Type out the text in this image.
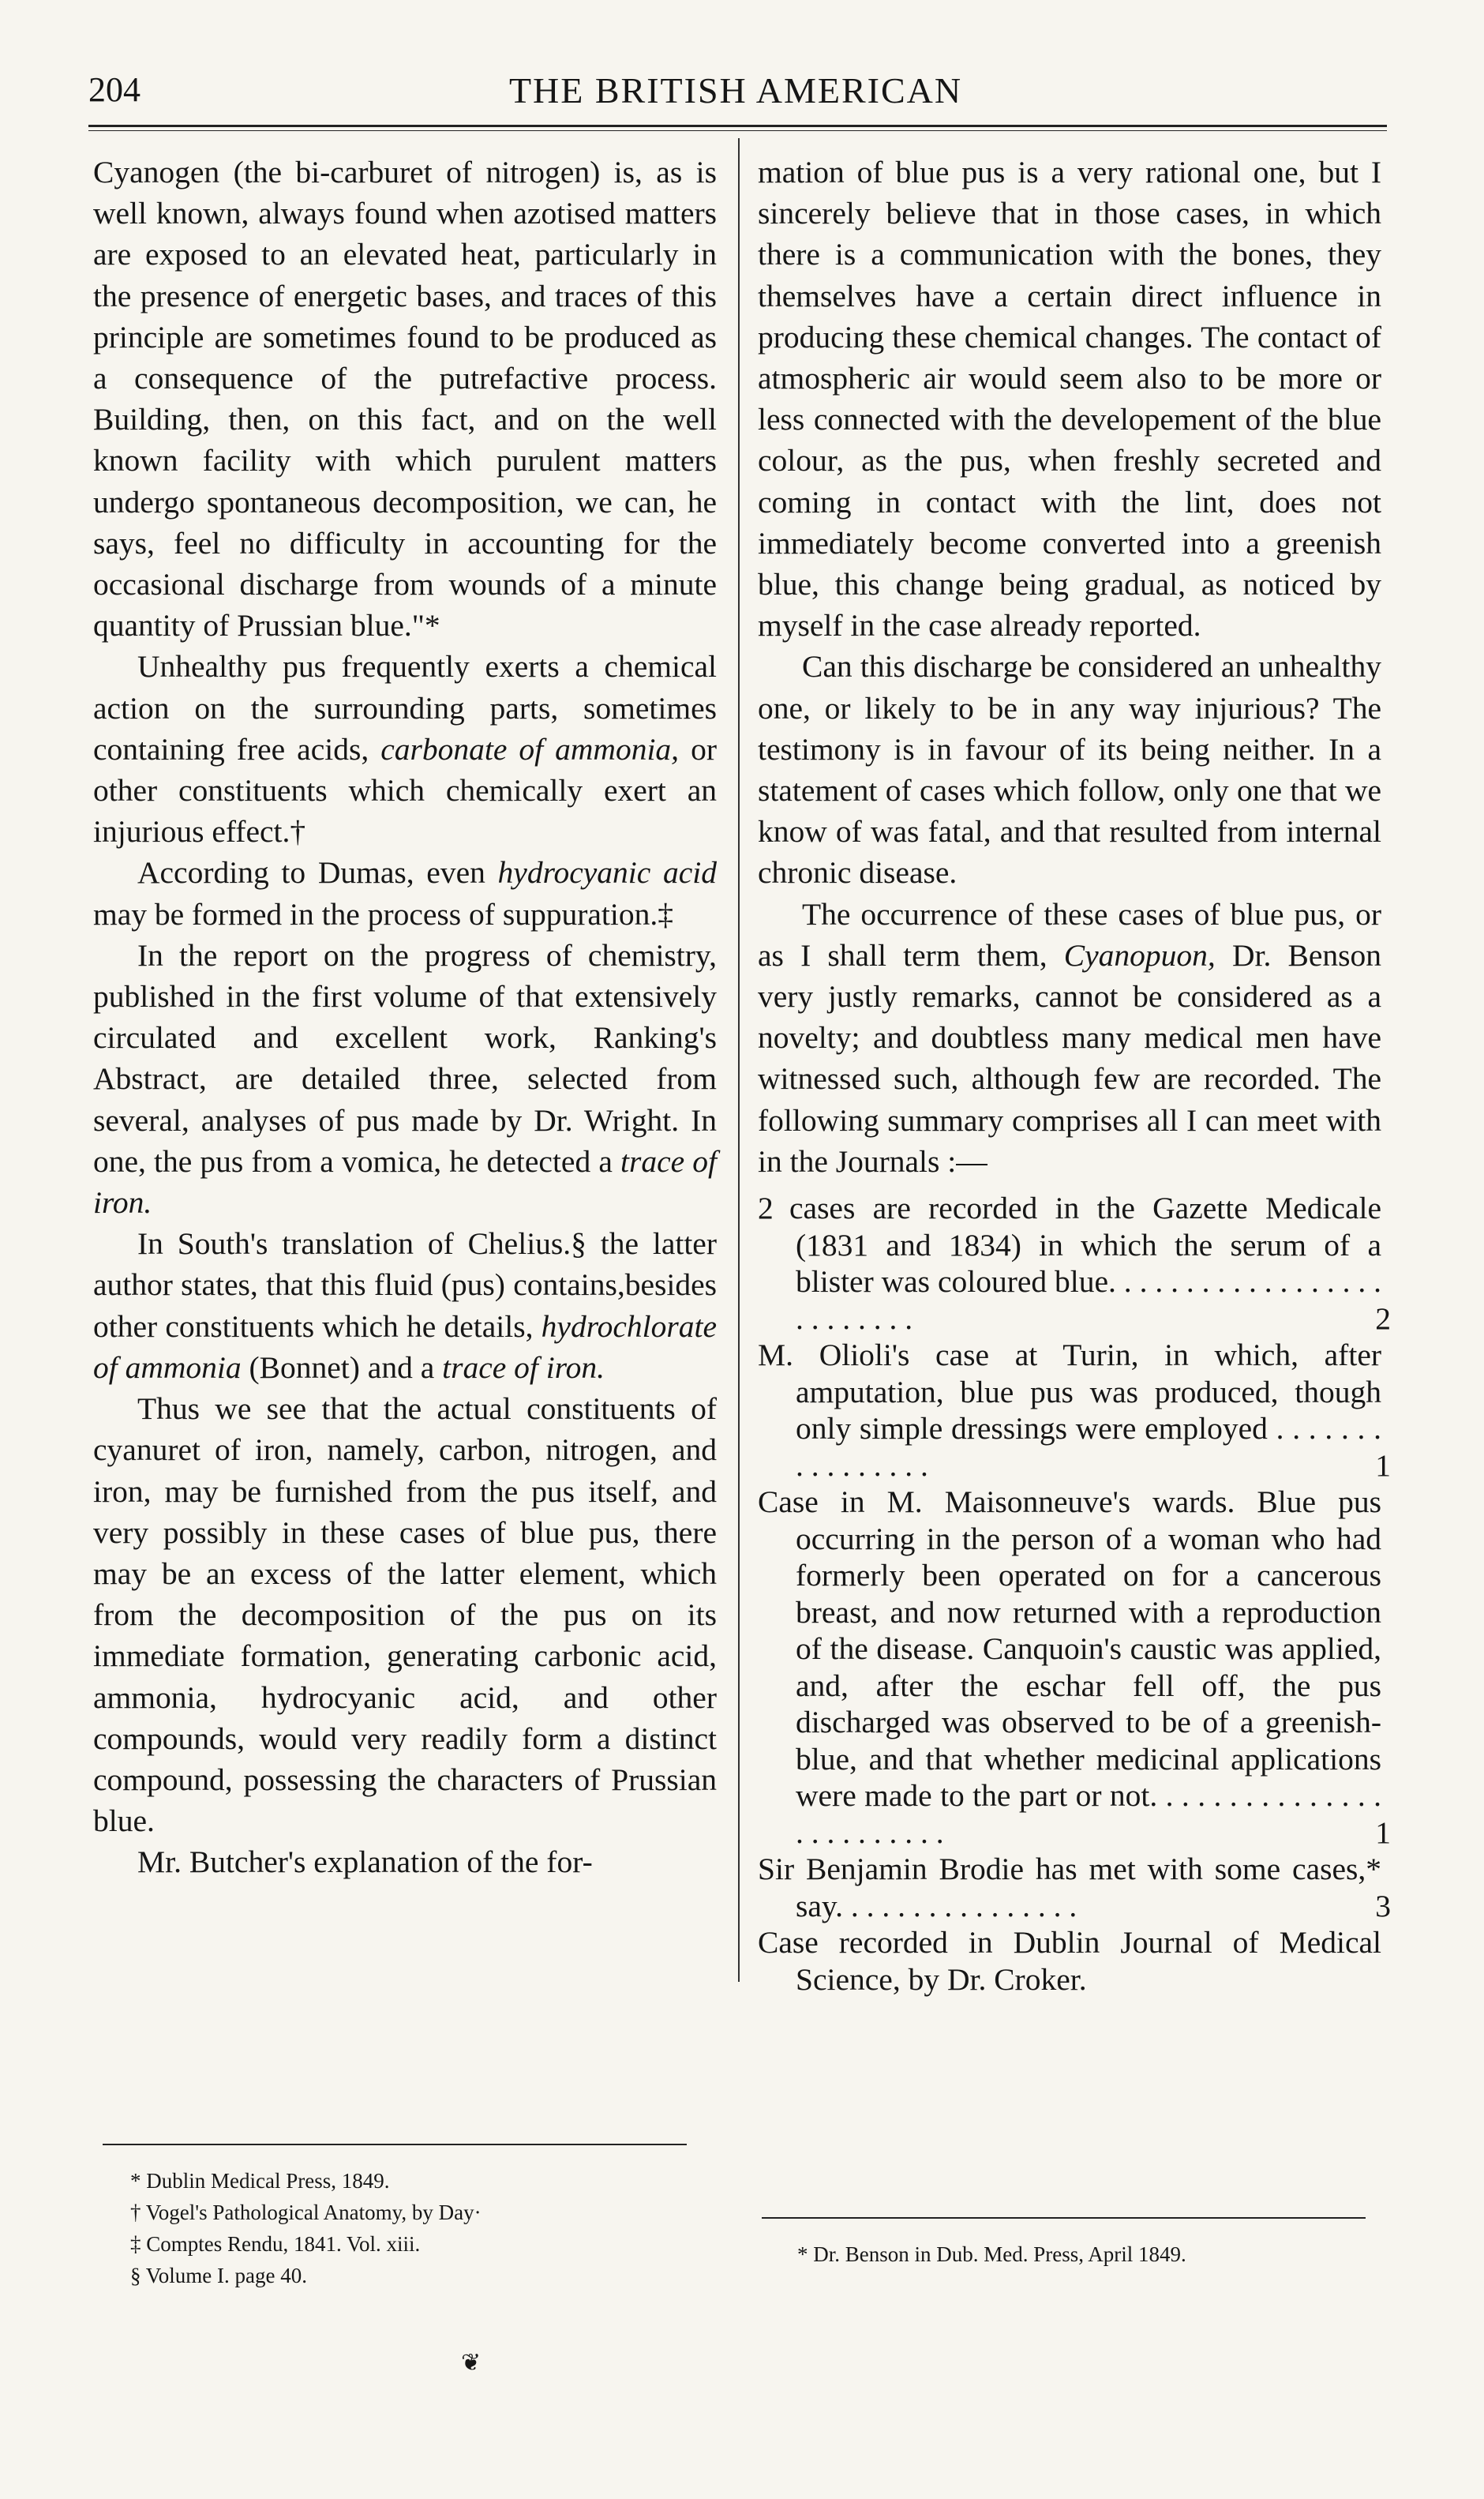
204	THE BRITISH AMERICAN

Cyanogen (the bi-carburet of nitrogen) is, as is well known, always found when azotised matters are exposed to an elevated heat, particularly in the presence of energetic bases, and traces of this principle are sometimes found to be produced as a consequence of the putrefactive process. Building, then, on this fact, and on the well known facility with which purulent matters undergo spontaneous decomposition, we can, he says, feel no difficulty in accounting for the occasional discharge from wounds of a minute quantity of Prussian blue."*

Unhealthy pus frequently exerts a chemical action on the surrounding parts, sometimes containing free acids, carbonate of ammonia, or other constituents which chemically exert an injurious effect.†

According to Dumas, even hydrocyanic acid may be formed in the process of suppuration.‡

In the report on the progress of chemistry, published in the first volume of that extensively circulated and excellent work, Ranking's Abstract, are detailed three, selected from several, analyses of pus made by Dr. Wright. In one, the pus from a vomica, he detected a trace of iron.

In South's translation of Chelius.§ the latter author states, that this fluid (pus) contains,besides other constituents which he details, hydrochlorate of ammonia (Bonnet) and a trace of iron.

Thus we see that the actual constituents of cyanuret of iron, namely, carbon, nitrogen, and iron, may be furnished from the pus itself, and very possibly in these cases of blue pus, there may be an excess of the latter element, which from the decomposition of the pus on its immediate formation, generating carbonic acid, ammonia, hydrocyanic acid, and other compounds, would very readily form a distinct compound, possessing the characters of Prussian blue.

Mr. Butcher's explanation of the for-

* Dublin Medical Press, 1849.
† Vogel's Pathological Anatomy, by Day·
‡ Comptes Rendu, 1841. Vol. xiii.
§ Volume I. page 40.

mation of blue pus is a very rational one, but I sincerely believe that in those cases, in which there is a communication with the bones, they themselves have a certain direct influence in producing these chemical changes. The contact of atmospheric air would seem also to be more or less connected with the developement of the blue colour, as the pus, when freshly secreted and coming in contact with the lint, does not immediately become converted into a greenish blue, this change being gradual, as noticed by myself in the case already reported.

Can this discharge be considered an unhealthy one, or likely to be in any way injurious? The testimony is in favour of its being neither. In a statement of cases which follow, only one that we know of was fatal, and that resulted from internal chronic disease.

The occurrence of these cases of blue pus, or as I shall term them, Cyanopuon, Dr. Benson very justly remarks, cannot be considered as a novelty; and doubtless many medical men have witnessed such, although few are recorded. The following summary comprises all I can meet with in the Journals :—

2 cases are recorded in the Gazette Medicale (1831 and 1834) in which the serum of a blister was coloured blue. . . . . . . . . . . . . . . . . . . . . . . . . .	2
M. Olioli's case at Turin, in which, after amputation, blue pus was produced, though only simple dressings were employed . . . . . . . . . . . . . . . .	1
Case in M. Maisonneuve's wards. Blue pus occurring in the person of a woman who had formerly been operated on for a cancerous breast, and now returned with a reproduction of the disease. Canquoin's caustic was applied, and, after the eschar fell off, the pus discharged was observed to be of a greenish-blue, and that whether medicinal applications were made to the part or not. . . . . . . . . . . . . . . . . . . . . . . . .	1
Sir Benjamin Brodie has met with some cases,* say. . . . . . . . . . . . . . . .	3
Case recorded in Dublin Journal of Medical Science, by Dr. Croker.
* Dr. Benson in Dub. Med. Press, April 1849.
❦
